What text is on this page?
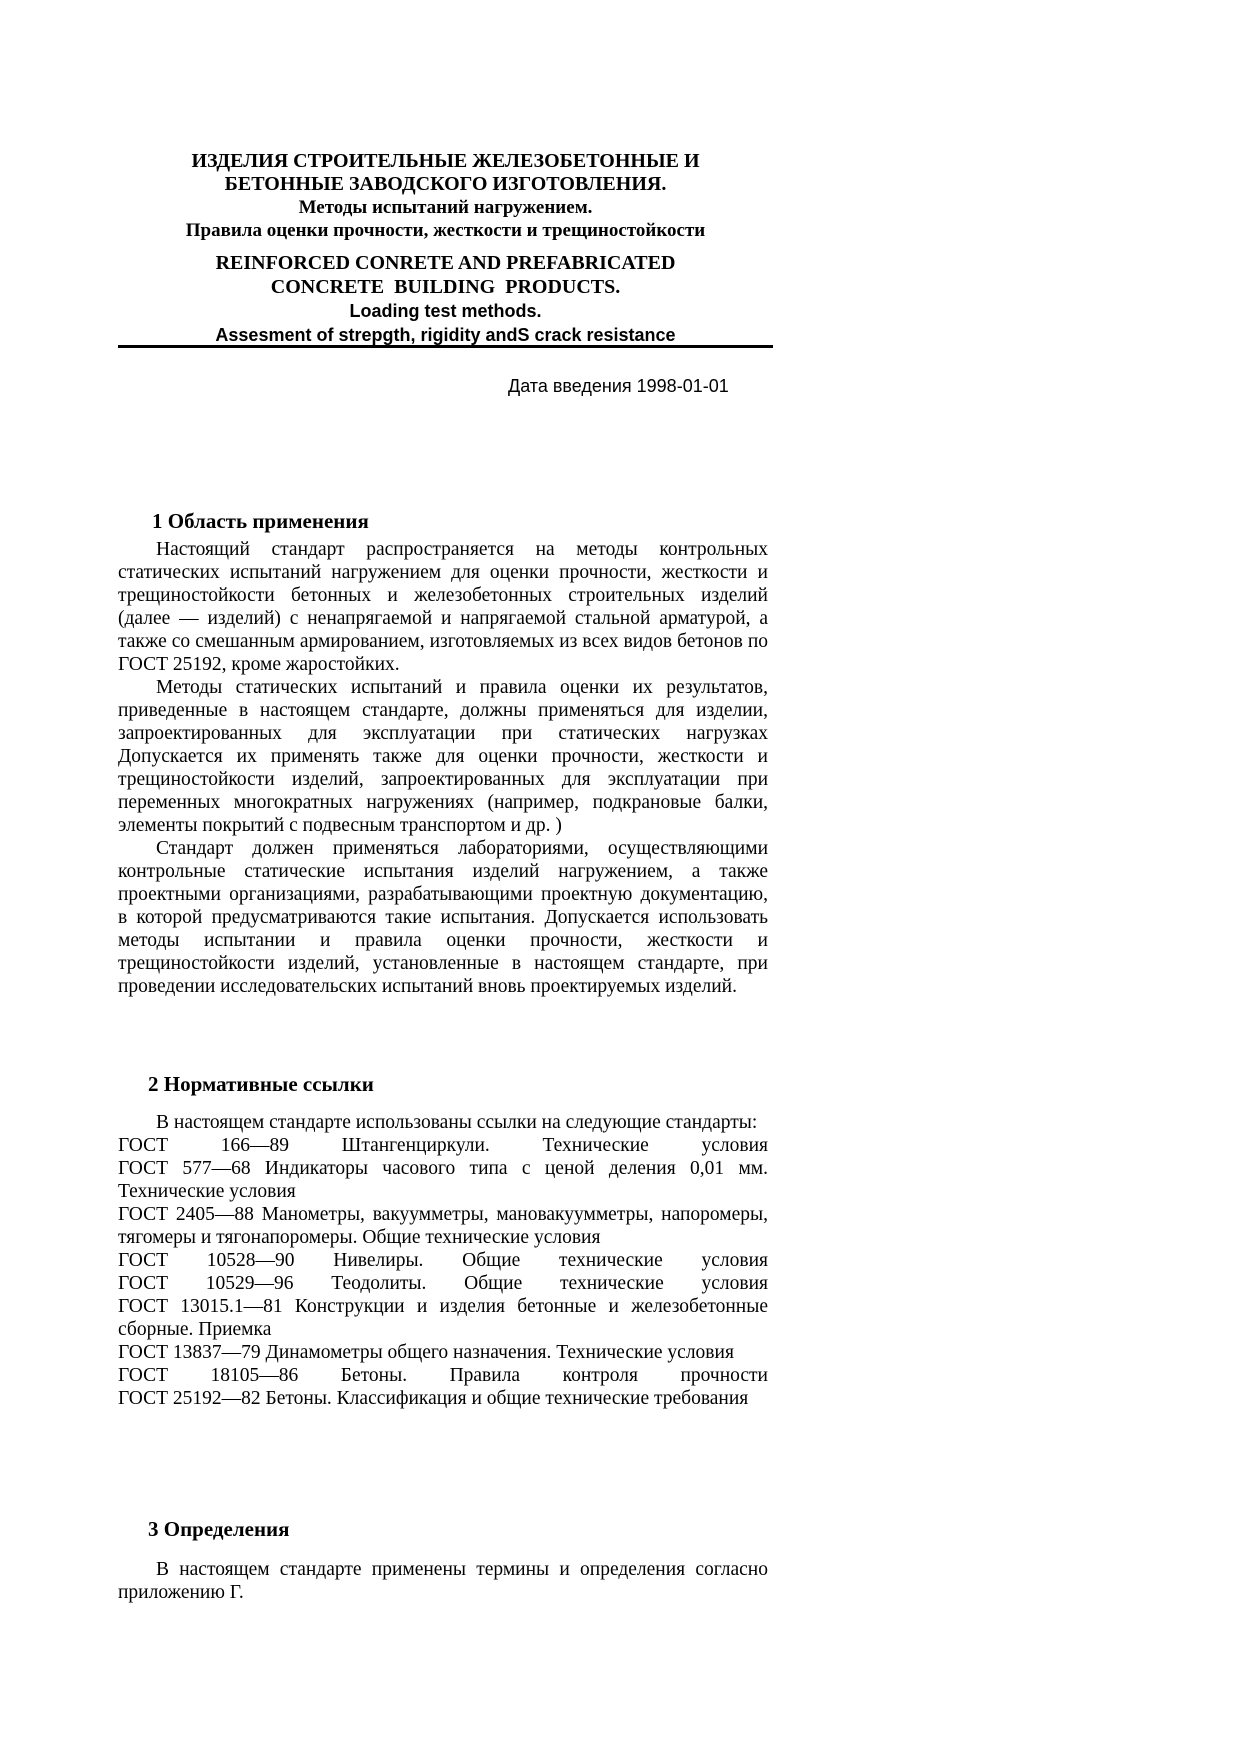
ИЗДЕЛИЯ СТРОИТЕЛЬНЫЕ ЖЕЛЕЗОБЕТОННЫЕ И
БЕТОННЫЕ ЗАВОДСКОГО ИЗГОТОВЛЕНИЯ.
Методы испытаний нагружением.
Правила оценки прочности, жесткости и трещиностойкости
REINFORCED CONRETE AND PREFABRICATED
CONCRETE  BUILDING  PRODUCTS.
Loading test methods.
Assesment of strepgth, rigidity andS crack resistance
Дата введения 1998-01-01
1 Область применения

Настоящий стандарт распространяется на методы контрольных статических испытаний нагружением для оценки прочности, жесткости и трещиностойкости бетонных и железобетонных строительных изделий (далее — изделий) с ненапрягаемой и напрягаемой стальной арматурой, а также со смешанным армированием, изготовляемых из всех видов бетонов по ГОСТ 25192, кроме жаростойких.

Методы статических испытаний и правила оценки их результатов, приведенные в настоящем стандарте, должны применяться для изделии, запроектированных для эксплуатации при статических нагрузках Допускается их применять также для оценки прочности, жесткости и трещиностойкости изделий, запроектированных для эксплуатации при переменных многократных нагружениях (например, подкрановые балки, элементы покрытий с подвесным транспортом и др. )

Стандарт должен применяться лабораториями, осуществляющими контрольные статические испытания изделий нагружением, а также проектными организациями, разрабатывающими проектную документацию, в которой предусматриваются такие испытания. Допускается использовать методы испытании и правила оценки прочности, жесткости и трещиностойкости изделий, установленные в настоящем стандарте, при проведении исследовательских испытаний вновь проектируемых изделий.

2 Нормативные ссылки

В настоящем стандарте использованы ссылки на следующие стандарты:

ГОСТ 166—89 Штангенциркули. Технические условия

ГОСТ 577—68 Индикаторы часового типа с ценой деления 0,01 мм. Технические условия

ГОСТ 2405—88 Манометры, вакуумметры, мановакуумметры, напоромеры, тягомеры и тягонапоромеры. Общие технические условия

ГОСТ 10528—90 Нивелиры. Общие технические условия

ГОСТ 10529—96 Теодолиты. Общие технические условия

ГОСТ 13015.1—81 Конструкции и изделия бетонные и железобетонные сборные. Приемка

ГОСТ 13837—79 Динамометры общего назначения. Технические условия

ГОСТ 18105—86 Бетоны. Правила контроля прочности

ГОСТ 25192—82 Бетоны. Классификация и общие технические требования

3 Определения

В настоящем стандарте применены термины и определения согласно приложению Г.
